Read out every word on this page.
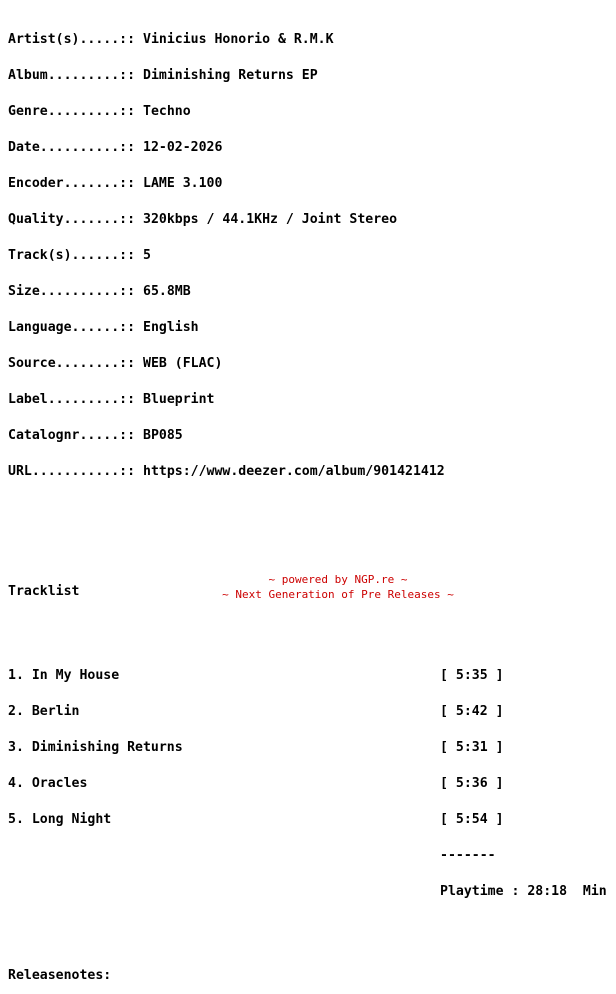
Artist(s).....:: Vinicius Honorio & R.M.K

Album.........:: Diminishing Returns EP

Genre.........:: Techno

Date..........:: 12-02-2026

Encoder.......:: LAME 3.100

Quality.......:: 320kbps / 44.1KHz / Joint Stereo

Track(s)......:: 5

Size..........:: 65.8MB

Language......:: English

Source........:: WEB (FLAC)

Label.........:: Blueprint

Catalognr.....:: BP085

URL...........:: https://www.deezer.com/album/901421412

Tracklist

1. In My House	[ 5:35 ]

2. Berlin	[ 5:42 ]

3. Diminishing Returns	[ 5:31 ]

4. Oracles	[ 5:36 ]

5. Long Night	[ 5:54 ]

-------

Playtime : 28:18  Min

Releasenotes:

~ powered by NGP.re ~
~ Next Generation of Pre Releases ~
